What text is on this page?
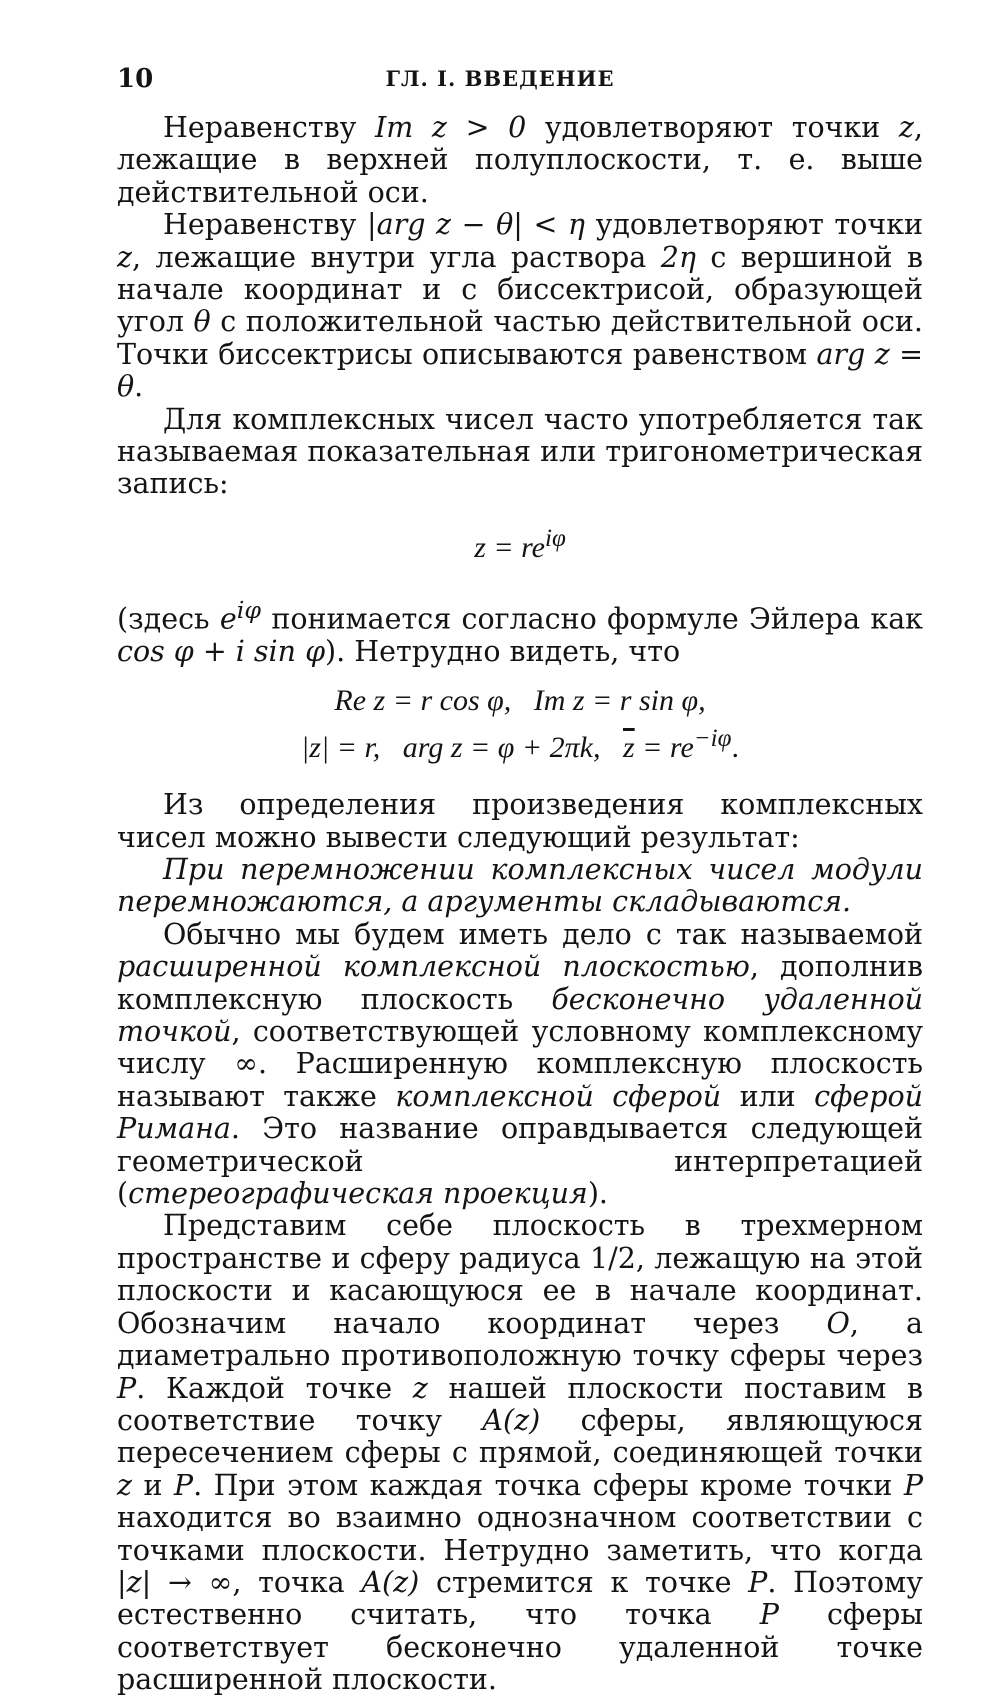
10	ГЛ. I. ВВЕДЕНИЕ

Неравенству Im z > 0 удовлетворяют точки z, лежащие в верхней полуплоскости, т. е. выше действительной оси.

Неравенству |arg z − θ| < η удовлетворяют точки z, лежащие внутри угла раствора 2η с вершиной в начале координат и с биссектрисой, образующей угол θ с положительной частью действительной оси. Точки биссектрисы описываются равенством arg z = θ.

Для комплексных чисел часто употребляется так называемая показательная или тригонометрическая запись:

$z = re^{i\varphi}$

(здесь $e^{i\varphi}$ понимается согласно формуле Эйлера как cos φ + i sin φ). Нетрудно видеть, что

Re z = r cos φ,   Im z = r sin φ,
|z| = r,   arg z = φ + 2πk,   $\overline{z} = re^{-i\varphi}$.

Из определения произведения комплексных чисел можно вывести следующий результат:

При перемножении комплексных чисел модули перемножаются, а аргументы складываются.

Обычно мы будем иметь дело с так называемой расширенной комплексной плоскостью, дополнив комплексную плоскость бесконечно удаленной точкой, соответствующей условному комплексному числу ∞. Расширенную комплексную плоскость называют также комплексной сферой или сферой Римана. Это название оправдывается следующей геометрической интерпретацией (стереографическая проекция).

Представим себе плоскость в трехмерном пространстве и сферу радиуса 1/2, лежащую на этой плоскости и касающуюся ее в начале координат. Обозначим начало координат через O, а диаметрально противоположную точку сферы через P. Каждой точке z нашей плоскости поставим в соответствие точку A(z) сферы, являющуюся пересечением сферы с прямой, соединяющей точки z и P. При этом каждая точка сферы кроме точки P находится во взаимно однозначном соответствии с точками плоскости. Нетрудно заметить, что когда |z| → ∞, точка A(z) стремится к точке P. Поэтому естественно считать, что точка P сферы соответствует бесконечно удаленной точке расширенной плоскости.
